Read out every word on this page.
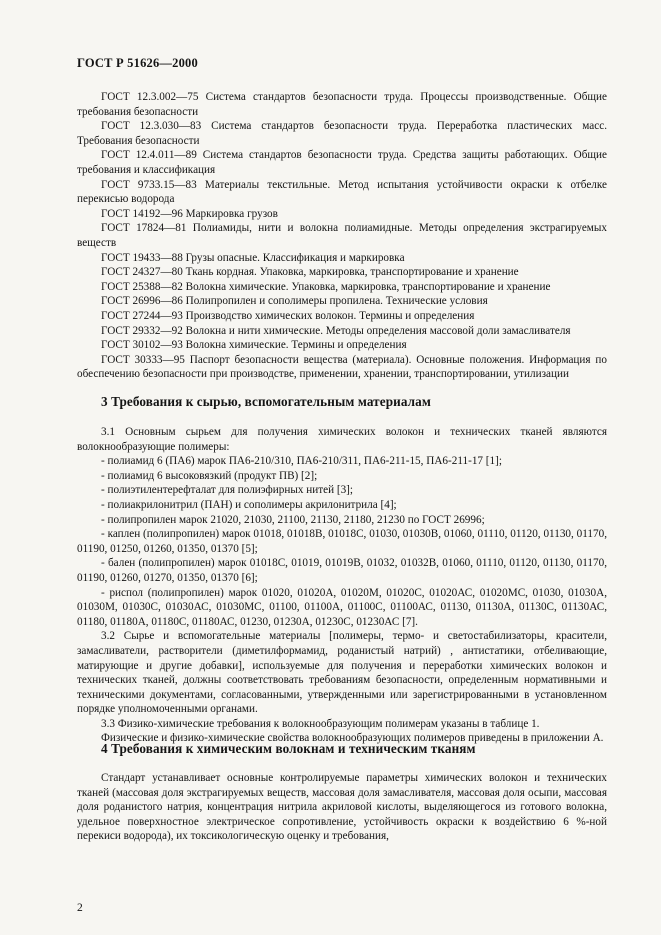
ГОСТ Р 51626—2000
ГОСТ 12.3.002—75 Система стандартов безопасности труда. Процессы производственные. Общие требования безопасности
ГОСТ 12.3.030—83 Система стандартов безопасности труда. Переработка пластических масс. Требования безопасности
ГОСТ 12.4.011—89 Система стандартов безопасности труда. Средства защиты работающих. Общие требования и классификация
ГОСТ 9733.15—83 Материалы текстильные. Метод испытания устойчивости окраски к отбелке перекисью водорода
ГОСТ 14192—96 Маркировка грузов
ГОСТ 17824—81 Полиамиды, нити и волокна полиамидные. Методы определения экстрагируемых веществ
ГОСТ 19433—88 Грузы опасные. Классификация и маркировка
ГОСТ 24327—80 Ткань кордная. Упаковка, маркировка, транспортирование и хранение
ГОСТ 25388—82 Волокна химические. Упаковка, маркировка, транспортирование и хранение
ГОСТ 26996—86 Полипропилен и сополимеры пропилена. Технические условия
ГОСТ 27244—93 Производство химических волокон. Термины и определения
ГОСТ 29332—92 Волокна и нити химические. Методы определения массовой доли замасливателя
ГОСТ 30102—93 Волокна химические. Термины и определения
ГОСТ 30333—95 Паспорт безопасности вещества (материала). Основные положения. Информация по обеспечению безопасности при производстве, применении, хранении, транспортировании, утилизации
3 Требования к сырью, вспомогательным материалам
3.1 Основным сырьем для получения химических волокон и технических тканей являются волокнообразующие полимеры:
- полиамид 6 (ПА6) марок ПА6-210/310, ПА6-210/311, ПА6-211-15, ПА6-211-17 [1];
- полиамид 6 высоковязкий (продукт ПВ) [2];
- полиэтилентерефталат для полиэфирных нитей [3];
- полиакрилонитрил (ПАН) и сополимеры акрилонитрила [4];
- полипропилен марок 21020, 21030, 21100, 21130, 21180, 21230 по ГОСТ 26996;
- каплен (полипропилен) марок 01018, 01018В, 01018С, 01030, 01030В, 01060, 01110, 01120, 01130, 01170, 01190, 01250, 01260, 01350, 01370 [5];
- бален (полипропилен) марок 01018С, 01019, 01019В, 01032, 01032В, 01060, 01110, 01120, 01130, 01170, 01190, 01260, 01270, 01350, 01370 [6];
- риспол (полипропилен) марок 01020, 01020А, 01020М, 01020С, 01020АС, 01020МС, 01030, 01030А, 01030М, 01030С, 01030АС, 01030МС, 01100, 01100А, 01100С, 01100АС, 01130, 01130А, 01130С, 01130АС, 01180, 01180А, 01180С, 01180АС, 01230, 01230А, 01230С, 01230АС [7].
3.2 Сырье и вспомогательные материалы [полимеры, термо- и светостабилизаторы, красители, замасливатели, растворители (диметилформамид, роданистый натрий) , антистатики, отбеливающие, матирующие и другие добавки], используемые для получения и переработки химических волокон и технических тканей, должны соответствовать требованиям безопасности, определенным нормативными и техническими документами, согласованными, утвержденными или зарегистрированными в установленном порядке уполномоченными органами.
3.3 Физико-химические требования к волокнообразующим полимерам указаны в таблице 1.
Физические и физико-химические свойства волокнообразующих полимеров приведены в приложении А.
4 Требования к химическим волокнам и техническим тканям
Стандарт устанавливает основные контролируемые параметры химических волокон и технических тканей (массовая доля экстрагируемых веществ, массовая доля замасливателя, массовая доля осыпи, массовая доля роданистого натрия, концентрация нитрила акриловой кислоты, выделяющегося из готового волокна, удельное поверхностное электрическое сопротивление, устойчивость окраски к воздействию 6 %-ной перекиси водорода), их токсикологическую оценку и требования,
2
